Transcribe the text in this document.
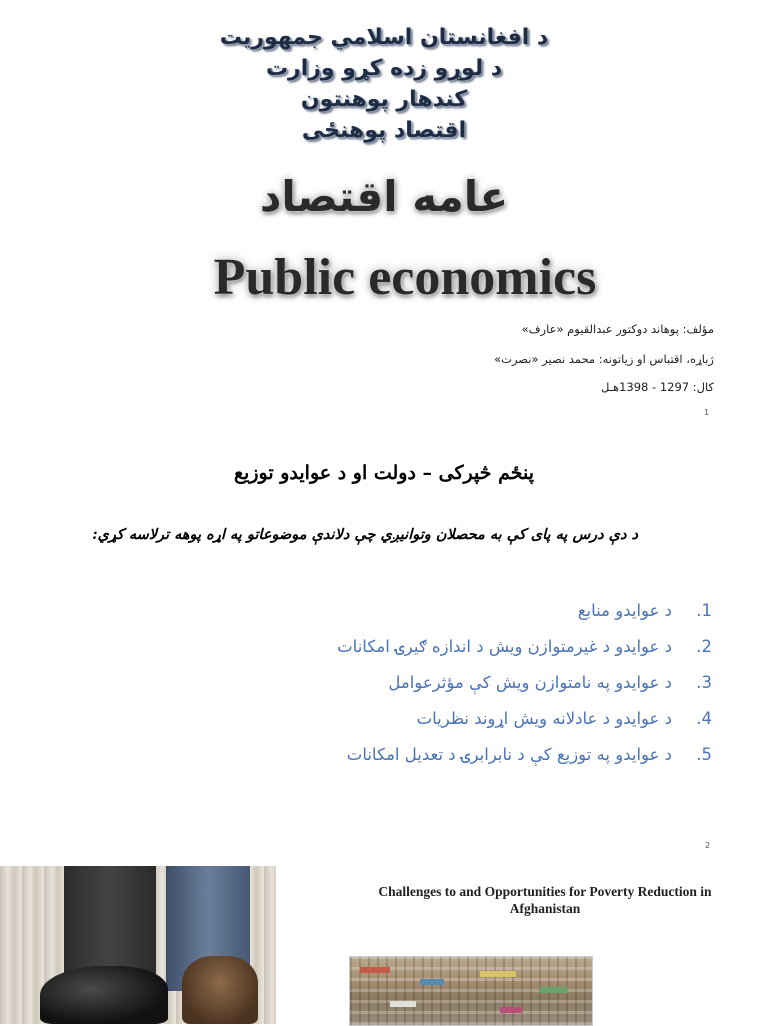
د افغانستان اسلامي جمهوريت
د لوړو زده کړو وزارت
کندهار پوهنتون
اقتصاد پوهنځی
عامه اقتصاد
Public economics
مؤلف: پوهاند دوکتور عبدالقیوم «عارف»
ژباړه، اقتباس او زیاتونه: محمد نصیر «نصرت»
کال: 1297 - 1398هـل
1
پنځم څپرکی – دولت او د عوایدو توزیع
د دې درس په پای کې به محصلان وتوانیږي چې دلاندې موضوعاتو په اړه پوهه ترلاسه کړي:
1.
د عوایدو منابع
2.
د عوایدو د غیرمتوازن ویش د اندازه ګیرۍ امکانات
3.
د عوایدو په نامتوازن ویش کې مؤثرعوامل
4.
د عوایدو د عادلانه ویش اړوند نظریات
5.
د عوایدو په توزیع کې د نابرابرۍ د تعدیل امکانات
2
Challenges to and Opportunities for Poverty Reduction in Afghanistan
